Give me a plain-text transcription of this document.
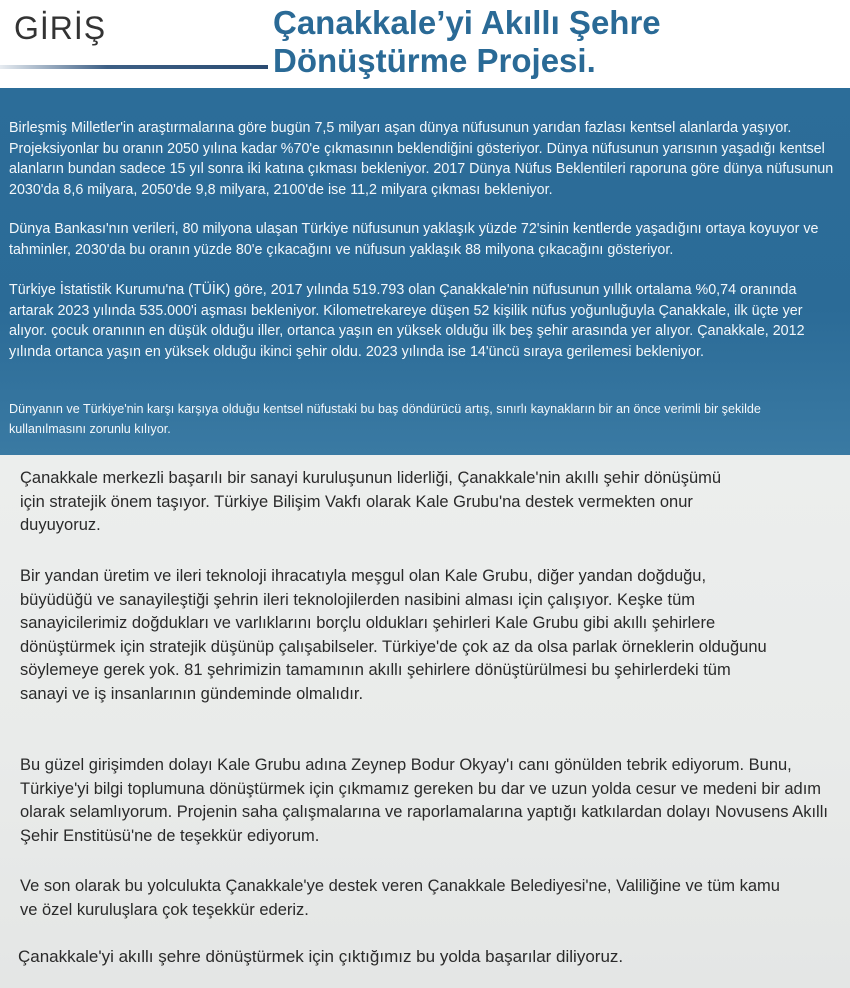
GİRİŞ	Çanakkale’yi Akıllı Şehre Dönüştürme Projesi.

Birleşmiş Milletler'in araştırmalarına göre bugün 7,5 milyarı aşan dünya nüfusunun yarıdan fazlası kentsel alanlarda yaşıyor. Projeksiyonlar bu oranın 2050 yılına kadar %70'e çıkmasının beklendiğini gösteriyor. Dünya nüfusunun yarısının yaşadığı kentsel alanların bundan sadece 15 yıl sonra iki katına çıkması bekleniyor. 2017 Dünya Nüfus Beklentileri raporuna göre dünya nüfusunun 2030'da 8,6 milyara, 2050'de 9,8 milyara, 2100'de ise 11,2 milyara çıkması bekleniyor.

Dünya Bankası'nın verileri, 80 milyona ulaşan Türkiye nüfusunun yaklaşık yüzde 72'sinin kentlerde yaşadığını ortaya koyuyor ve tahminler, 2030'da bu oranın yüzde 80'e çıkacağını ve nüfusun yaklaşık 88 milyona çıkacağını gösteriyor.

Türkiye İstatistik Kurumu'na (TÜİK) göre, 2017 yılında 519.793 olan Çanakkale'nin nüfusunun yıllık ortalama %0,74 oranında artarak 2023 yılında 535.000'i aşması bekleniyor. Kilometrekareye düşen 52 kişilik nüfus yoğunluğuyla Çanakkale, ilk üçte yer alıyor. çocuk oranının en düşük olduğu iller, ortanca yaşın en yüksek olduğu ilk beş şehir arasında yer alıyor. Çanakkale, 2012 yılında ortanca yaşın en yüksek olduğu ikinci şehir oldu. 2023 yılında ise 14'üncü sıraya gerilemesi bekleniyor.

Dünyanın ve Türkiye'nin karşı karşıya olduğu kentsel nüfustaki bu baş döndürücü artış, sınırlı kaynakların bir an önce verimli bir şekilde kullanılmasını zorunlu kılıyor.

Çanakkale merkezli başarılı bir sanayi kuruluşunun liderliği, Çanakkale'nin akıllı şehir dönüşümü için stratejik önem taşıyor. Türkiye Bilişim Vakfı olarak Kale Grubu'na destek vermekten onur duyuyoruz.

Bir yandan üretim ve ileri teknoloji ihracatıyla meşgul olan Kale Grubu, diğer yandan doğduğu, büyüdüğü ve sanayileştiği şehrin ileri teknolojilerden nasibini alması için çalışıyor. Keşke tüm sanayicilerimiz doğdukları ve varlıklarını borçlu oldukları şehirleri Kale Grubu gibi akıllı şehirlere dönüştürmek için stratejik düşünüp çalışabilseler. Türkiye'de çok az da olsa parlak örneklerin olduğunu söylemeye gerek yok. 81 şehrimizin tamamının akıllı şehirlere dönüştürülmesi bu şehirlerdeki tüm sanayi ve iş insanlarının gündeminde olmalıdır.

Bu güzel girişimden dolayı Kale Grubu adına Zeynep Bodur Okyay'ı canı gönülden tebrik ediyorum. Bunu, Türkiye'yi bilgi toplumuna dönüştürmek için çıkmamız gereken bu dar ve uzun yolda cesur ve medeni bir adım olarak selamlıyorum. Projenin saha çalışmalarına ve raporlamalarına yaptığı katkılardan dolayı Novusens Akıllı Şehir Enstitüsü'ne de teşekkür ediyorum.

Ve son olarak bu yolculukta Çanakkale'ye destek veren Çanakkale Belediyesi'ne, Valiliğine ve tüm kamu ve özel kuruluşlara çok teşekkür ederiz.

Çanakkale'yi akıllı şehre dönüştürmek için çıktığımız bu yolda başarılar diliyoruz.
